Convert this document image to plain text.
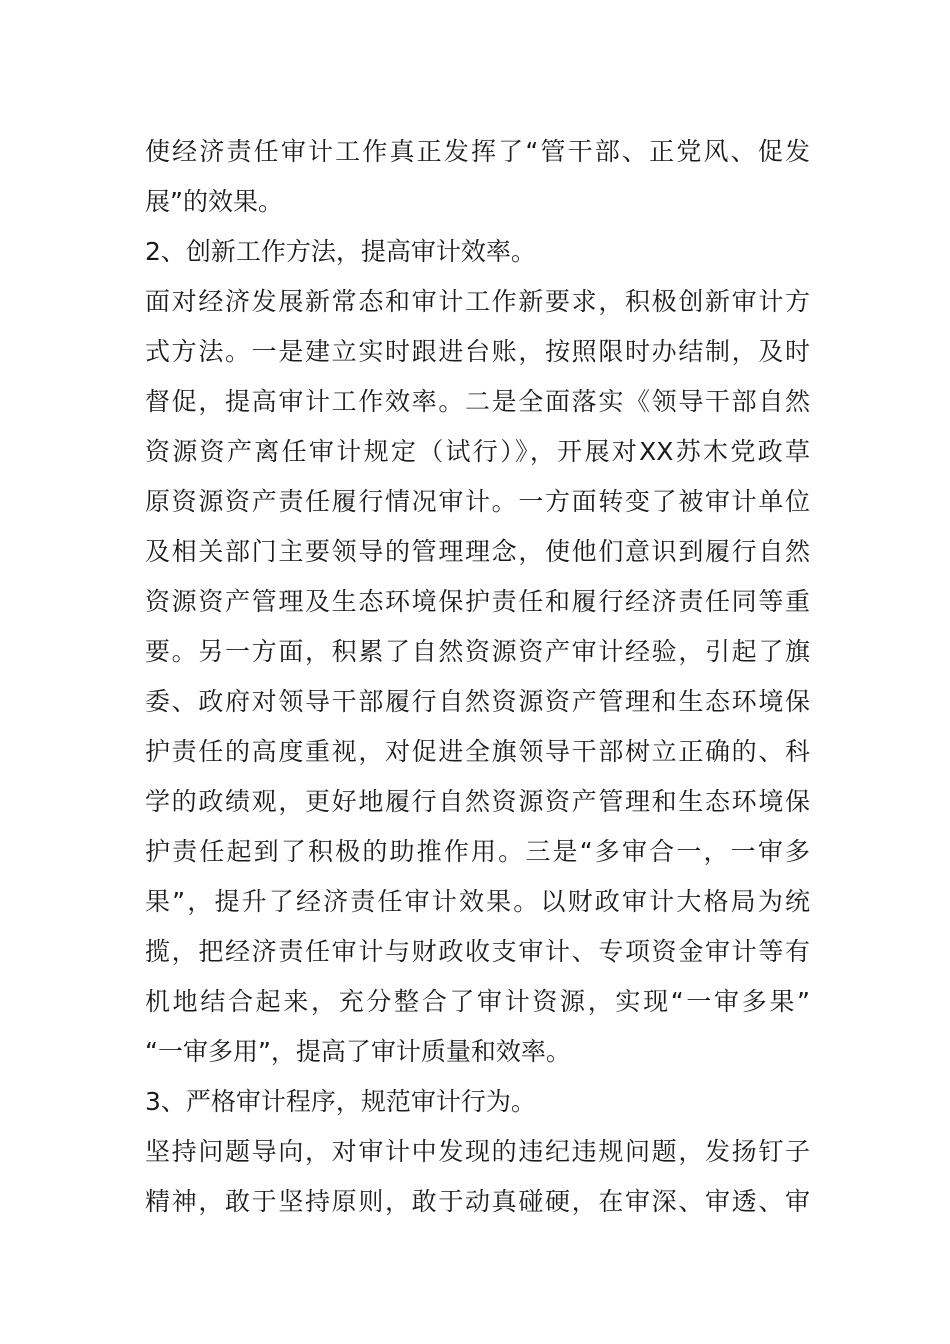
使经济责任审计工作真正发挥了“管干部、正党风、促发
展”的效果。
2、创新工作方法，提高审计效率。
面对经济发展新常态和审计工作新要求，积极创新审计方
式方法。一是建立实时跟进台账，按照限时办结制，及时
督促，提高审计工作效率。二是全面落实《领导干部自然
资源资产离任审计规定（试行）》，开展对XX苏木党政草
原资源资产责任履行情况审计。一方面转变了被审计单位
及相关部门主要领导的管理理念，使他们意识到履行自然
资源资产管理及生态环境保护责任和履行经济责任同等重
要。另一方面，积累了自然资源资产审计经验，引起了旗
委、政府对领导干部履行自然资源资产管理和生态环境保
护责任的高度重视，对促进全旗领导干部树立正确的、科
学的政绩观，更好地履行自然资源资产管理和生态环境保
护责任起到了积极的助推作用。三是“多审合一，一审多
果”，提升了经济责任审计效果。以财政审计大格局为统
揽，把经济责任审计与财政收支审计、专项资金审计等有
机地结合起来，充分整合了审计资源，实现“一审多果”
“一审多用”，提高了审计质量和效率。
3、严格审计程序，规范审计行为。
坚持问题导向，对审计中发现的违纪违规问题，发扬钉子
精神，敢于坚持原则，敢于动真碰硬，在审深、审透、审
